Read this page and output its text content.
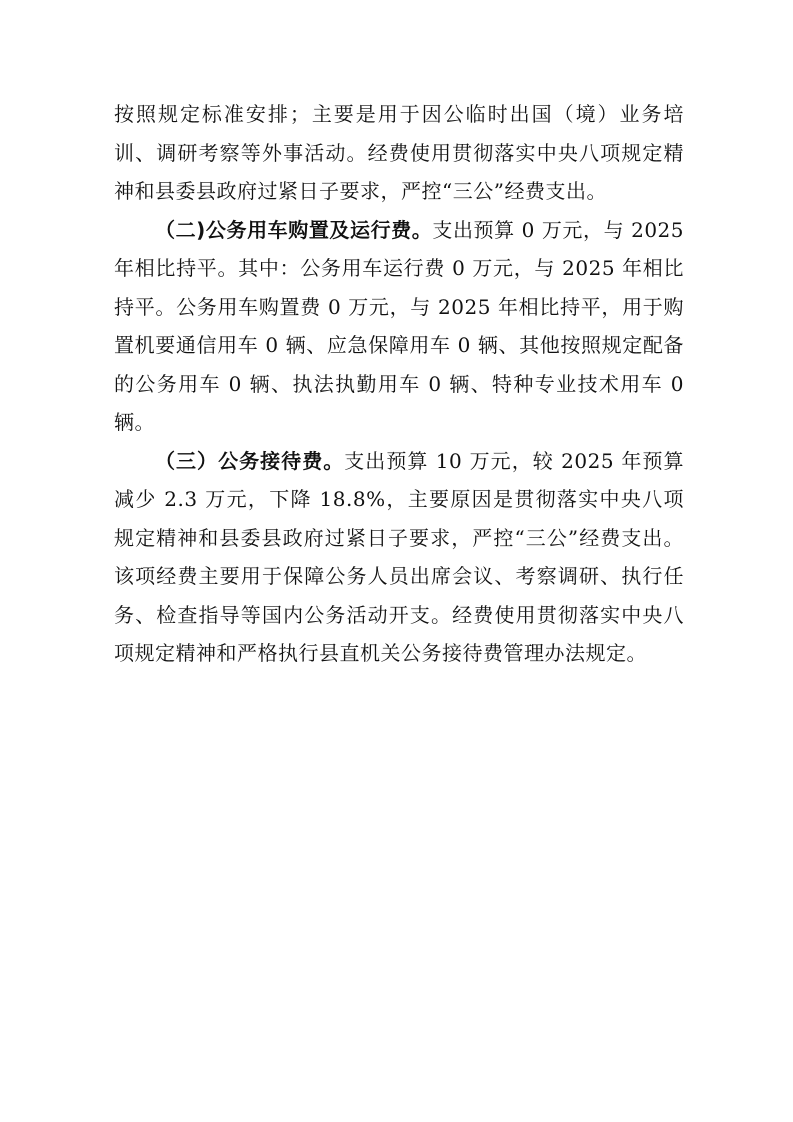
按照规定标准安排；主要是用于因公临时出国（境）业务培训、调研考察等外事活动。经费使用贯彻落实中央八项规定精神和县委县政府过紧日子要求，严控“三公”经费支出。

（二)公务用车购置及运行费。支出预算 0 万元，与 2025 年相比持平。其中：公务用车运行费 0 万元，与 2025 年相比持平。公务用车购置费 0 万元，与 2025 年相比持平，用于购置机要通信用车 0 辆、应急保障用车 0 辆、其他按照规定配备的公务用车 0 辆、执法执勤用车 0 辆、特种专业技术用车 0 辆。

（三）公务接待费。支出预算 10 万元，较 2025 年预算减少 2.3 万元，下降 18.8%，主要原因是贯彻落实中央八项规定精神和县委县政府过紧日子要求，严控“三公”经费支出。该项经费主要用于保障公务人员出席会议、考察调研、执行任务、检查指导等国内公务活动开支。经费使用贯彻落实中央八项规定精神和严格执行县直机关公务接待费管理办法规定。
